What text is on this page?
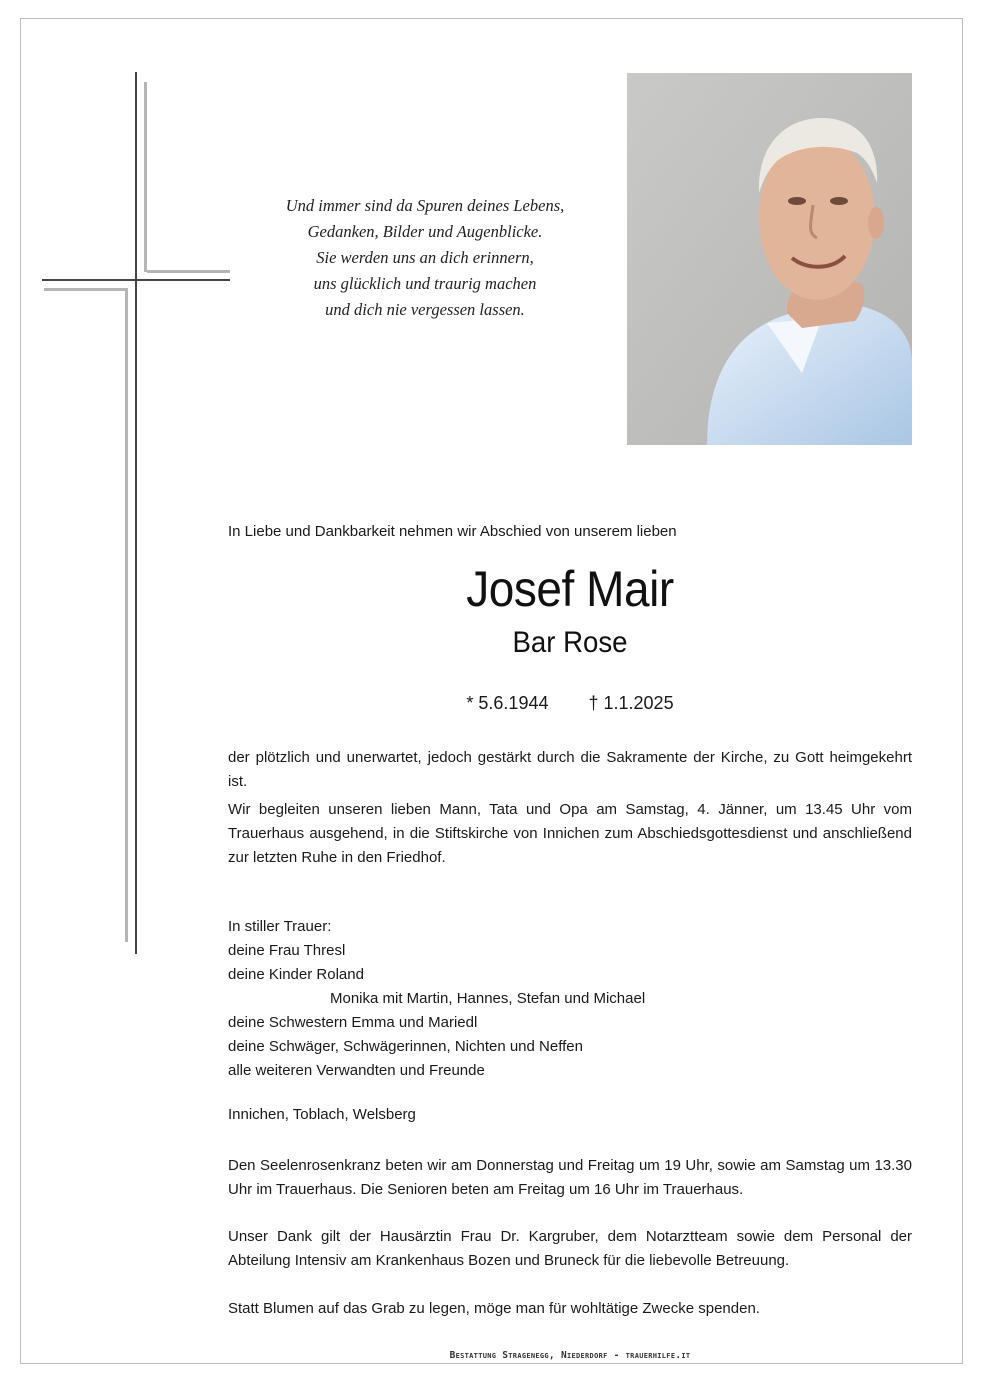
Und immer sind da Spuren deines Lebens,
Gedanken, Bilder und Augenblicke.
Sie werden uns an dich erinnern,
uns glücklich und traurig machen
und dich nie vergessen lassen.
In Liebe und Dankbarkeit nehmen wir Abschied von unserem lieben
Josef Mair
Bar Rose
* 5.6.1944 † 1.1.2025
der plötzlich und unerwartet, jedoch gestärkt durch die Sakramente der Kirche, zu Gott heimgekehrt ist.
Wir begleiten unseren lieben Mann, Tata und Opa am Samstag, 4. Jänner, um 13.45 Uhr vom Trauerhaus ausgehend, in die Stiftskirche von Innichen zum Abschiedsgottesdienst und anschließend zur letzten Ruhe in den Friedhof.
In stiller Trauer:
deine Frau Thresl
deine Kinder Roland
Monika mit Martin, Hannes, Stefan und Michael
deine Schwestern Emma und Mariedl
deine Schwäger, Schwägerinnen, Nichten und Neffen
alle weiteren Verwandten und Freunde
Innichen, Toblach, Welsberg
Den Seelenrosenkranz beten wir am Donnerstag und Freitag um 19 Uhr, sowie am Samstag um 13.30 Uhr im Trauerhaus. Die Senioren beten am Freitag um 16 Uhr im Trauerhaus.
Unser Dank gilt der Hausärztin Frau Dr. Kargruber, dem Notarztteam sowie dem Personal der Abteilung Intensiv am Krankenhaus Bozen und Bruneck für die liebevolle Betreuung.
Statt Blumen auf das Grab zu legen, möge man für wohltätige Zwecke spenden.
Bestattung Stragenegg, Niederdorf - trauerhilfe.it
